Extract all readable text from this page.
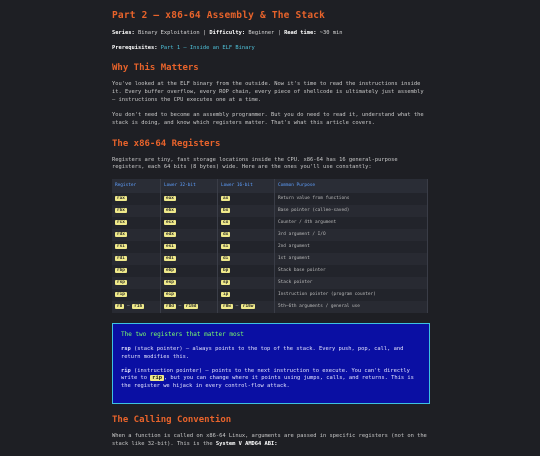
Part 2 — x86-64 Assembly & The Stack
Series: Binary Exploitation | Difficulty: Beginner | Read time: ~30 min
Prerequisites: Part 1 — Inside an ELF Binary
Why This Matters

You've looked at the ELF binary from the outside. Now it's time to read the instructions inside it. Every buffer overflow, every ROP chain, every piece of shellcode is ultimately just assembly — instructions the CPU executes one at a time.

You don't need to become an assembly programmer. But you do need to read it, understand what the stack is doing, and know which registers matter. That's what this article covers.

The x86-64 Registers

Registers are tiny, fast storage locations inside the CPU. x86-64 has 16 general-purpose registers, each 64 bits (8 bytes) wide. Here are the ones you'll use constantly:

Register	Lower 32-bit	Lower 16-bit	Common Purpose
rax	eax	ax	Return value from functions
rbx	ebx	bx	Base pointer (callee-saved)
rcx	ecx	cx	Counter / 4th argument
rdx	edx	dx	3rd argument / I/O
rsi	esi	si	2nd argument
rdi	edi	di	1st argument
rbp	ebp	bp	Stack base pointer
rsp	esp	sp	Stack pointer
rip	eip	ip	Instruction pointer (program counter)
r8 – r15	r8d – r15d	r8w – r15w	5th–6th arguments / general use
The two registers that matter most

rsp (stack pointer) — always points to the top of the stack. Every push, pop, call, and return modifies this.

rip (instruction pointer) — points to the next instruction to execute. You can't directly write to rip , but you can change where it points using jumps, calls, and returns. This is the register we hijack in every control-flow attack.

The Calling Convention

When a function is called on x86-64 Linux, arguments are passed in specific registers (not on the stack like 32-bit). This is the System V AMD64 ABI:
